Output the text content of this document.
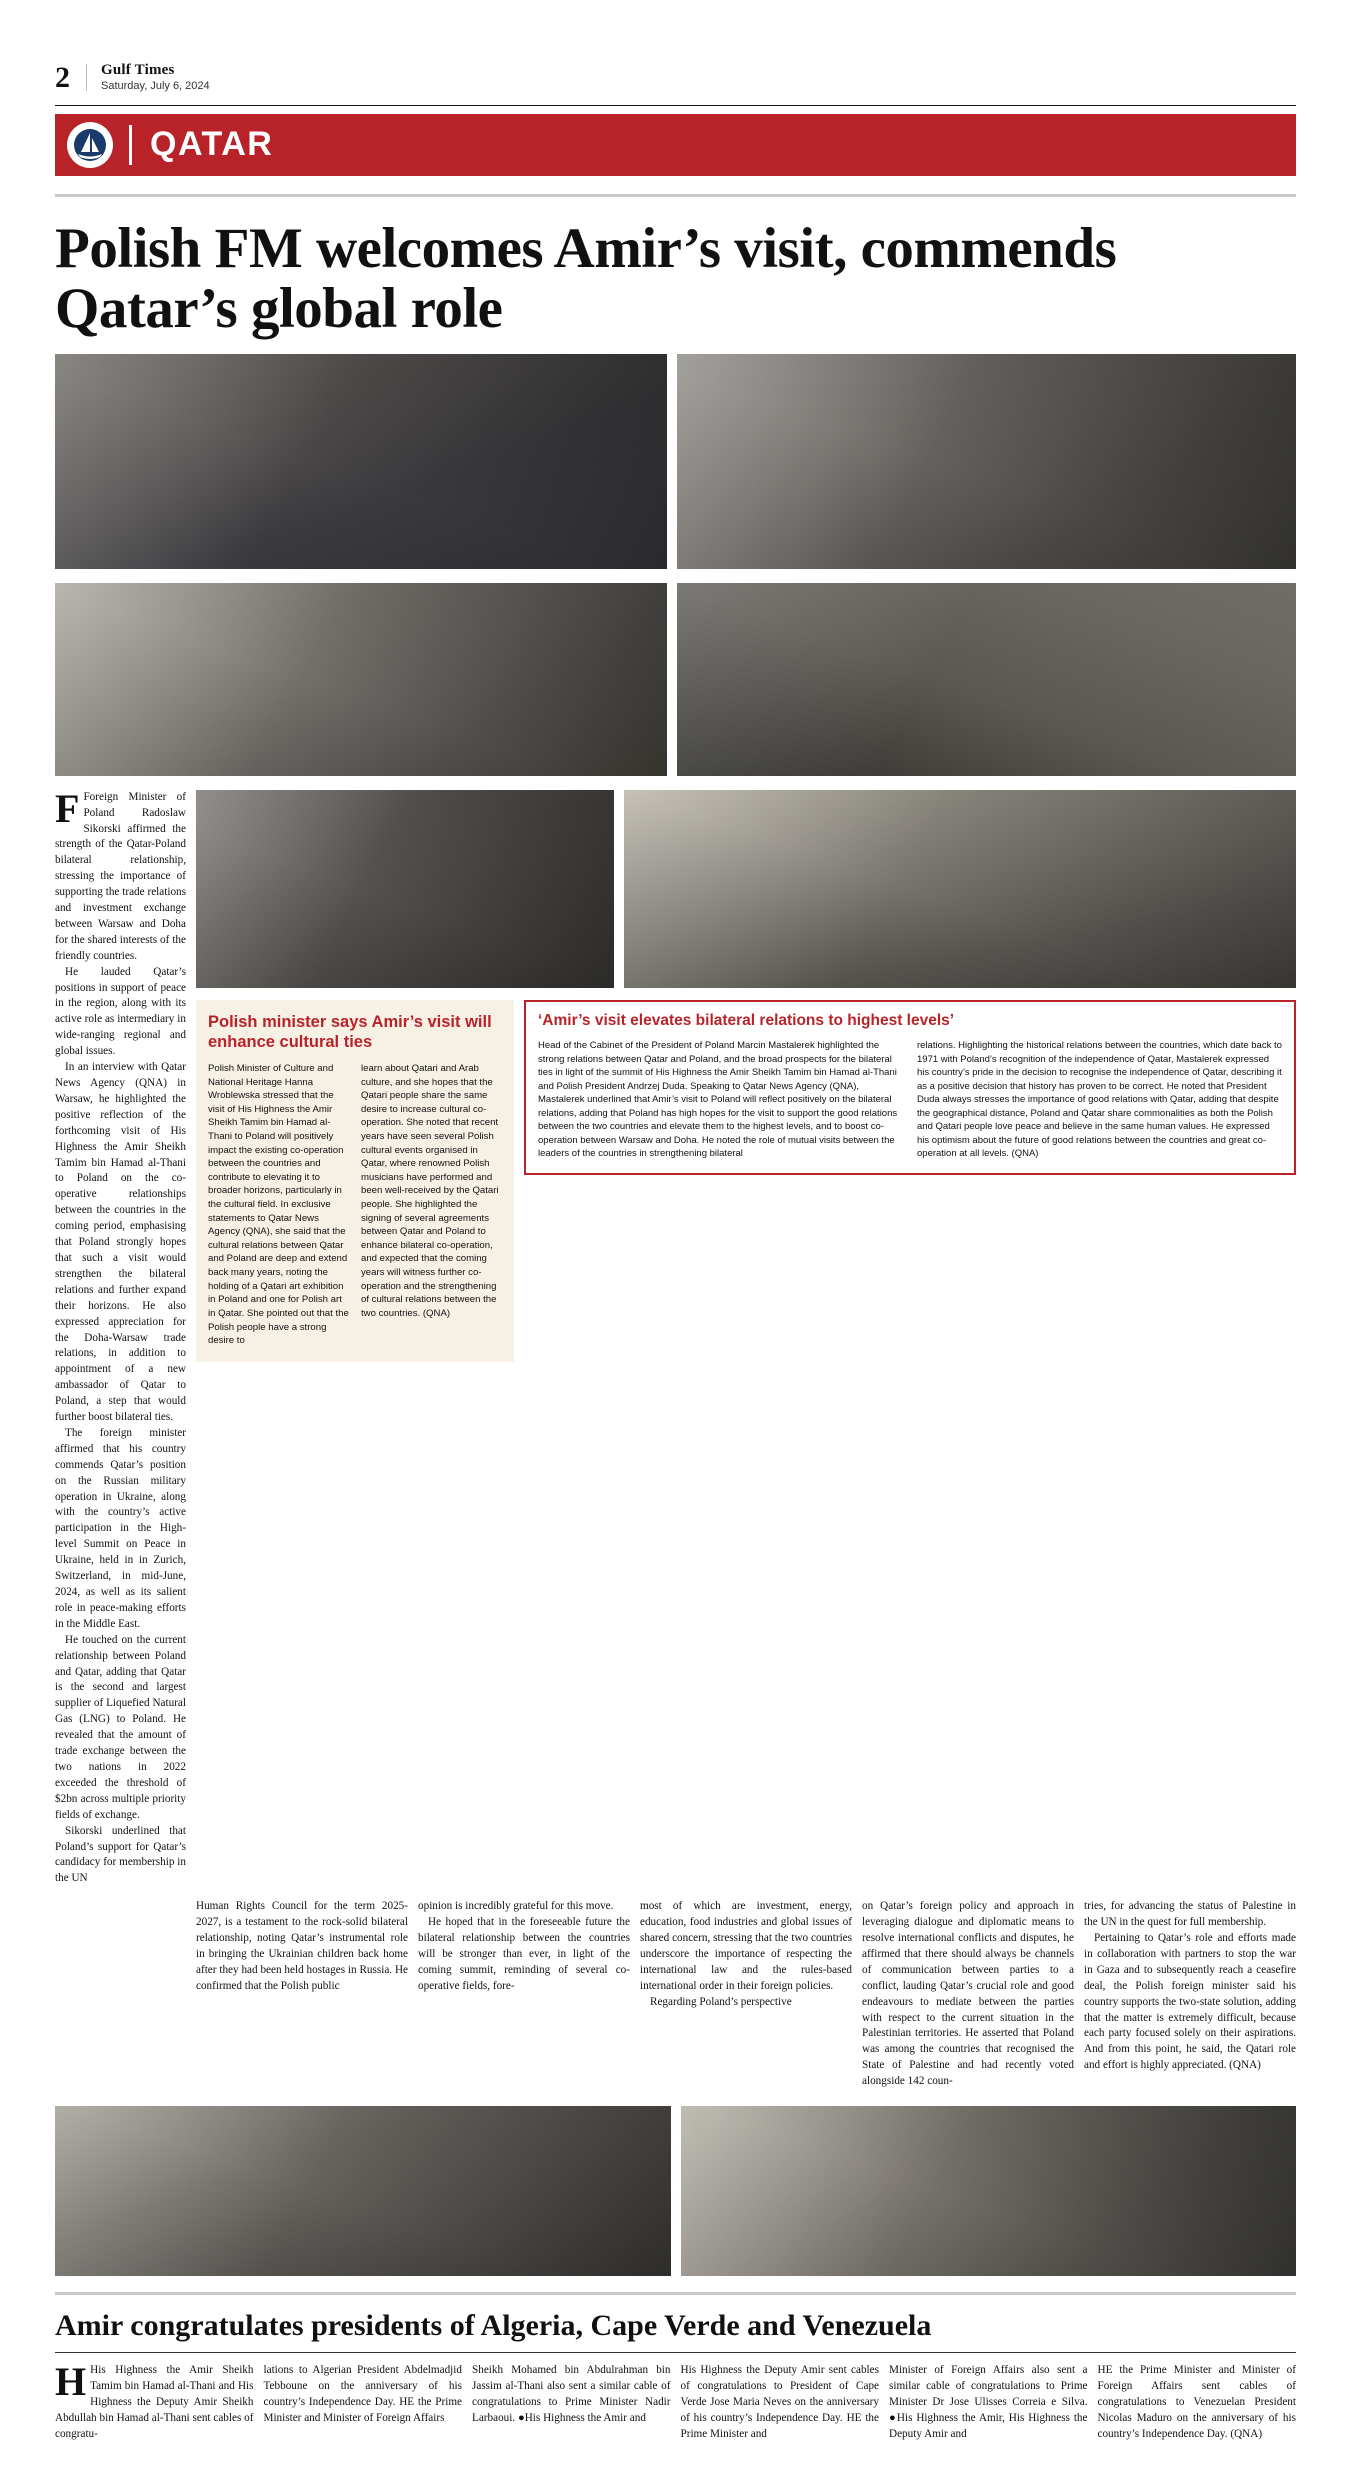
2 Gulf Times
Saturday, July 6, 2024
QATAR
Polish FM welcomes Amir’s visit, commends Qatar’s global role

F Foreign Minister of Poland Radoslaw Sikorski affirmed the strength of the Qatar-Poland bilateral relationship, stressing the importance of supporting the trade relations and investment exchange between Warsaw and Doha for the shared interests of the friendly countries.

He lauded Qatar’s positions in support of peace in the region, along with its active role as intermediary in wide-ranging regional and global issues.

In an interview with Qatar News Agency (QNA) in Warsaw, he highlighted the positive reflection of the forthcoming visit of His Highness the Amir Sheikh Tamim bin Hamad al-Thani to Poland on the co-operative relationships between the countries in the coming period, emphasising that Poland strongly hopes that such a visit would strengthen the bilateral relations and further expand their horizons. He also expressed appreciation for the Doha-Warsaw trade relations, in addition to appointment of a new ambassador of Qatar to Poland, a step that would further boost bilateral ties.

The foreign minister affirmed that his country commends Qatar’s position on the Russian military operation in Ukraine, along with the country’s active participation in the High-level Summit on Peace in Ukraine, held in in Zurich, Switzerland, in mid-June, 2024, as well as its salient role in peace-making efforts in the Middle East.

He touched on the current relationship between Poland and Qatar, adding that Qatar is the second and largest supplier of Liquefied Natural Gas (LNG) to Poland. He revealed that the amount of trade exchange between the two nations in 2022 exceeded the threshold of $2bn across multiple priority fields of exchange.

Sikorski underlined that Poland’s support for Qatar’s candidacy for membership in the UN

Polish minister says Amir’s visit will enhance cultural ties

Polish Minister of Culture and National Heritage Hanna Wroblewska stressed that the visit of His Highness the Amir Sheikh Tamim bin Hamad al-Thani to Poland will positively impact the existing co-operation between the countries and contribute to elevating it to broader horizons, particularly in the cultural field. In exclusive statements to Qatar News Agency (QNA), she said that the cultural relations between Qatar and Poland are deep and extend back many years, noting the holding of a Qatari art exhibition in Poland and one for Polish art in Qatar. She pointed out that the Polish people have a strong desire to

learn about Qatari and Arab culture, and she hopes that the Qatari people share the same desire to increase cultural co-operation. She noted that recent years have seen several Polish cultural events organised in Qatar, where renowned Polish musicians have performed and been well-received by the Qatari people. She highlighted the signing of several agreements between Qatar and Poland to enhance bilateral co-operation, and expected that the coming years will witness further co-operation and the strengthening of cultural relations between the two countries. (QNA)

‘Amir’s visit elevates bilateral relations to highest levels’

Head of the Cabinet of the President of Poland Marcin Mastalerek highlighted the strong relations between Qatar and Poland, and the broad prospects for the bilateral ties in light of the summit of His Highness the Amir Sheikh Tamim bin Hamad al-Thani and Polish President Andrzej Duda. Speaking to Qatar News Agency (QNA), Mastalerek underlined that Amir’s visit to Poland will reflect positively on the bilateral relations, adding that Poland has high hopes for the visit to support the good relations between the two countries and elevate them to the highest levels, and to boost co-operation between Warsaw and Doha. He noted the role of mutual visits between the leaders of the countries in strengthening bilateral

relations. Highlighting the historical relations between the countries, which date back to 1971 with Poland’s recognition of the independence of Qatar, Mastalerek expressed his country’s pride in the decision to recognise the independence of Qatar, describing it as a positive decision that history has proven to be correct. He noted that President Duda always stresses the importance of good relations with Qatar, adding that despite the geographical distance, Poland and Qatar share commonalities as both the Polish and Qatari people love peace and believe in the same human values. He expressed his optimism about the future of good relations between the countries and great co-operation at all levels. (QNA)

Human Rights Council for the term 2025-2027, is a testament to the rock-solid bilateral relationship, noting Qatar’s instrumental role in bringing the Ukrainian children back home after they had been held hostages in Russia. He confirmed that the Polish public

opinion is incredibly grateful for this move.

He hoped that in the foreseeable future the bilateral relationship between the countries will be stronger than ever, in light of the coming summit, reminding of several co-operative fields, fore-

most of which are investment, energy, education, food industries and global issues of shared concern, stressing that the two countries underscore the importance of respecting the international law and the rules-based international order in their foreign policies.

Regarding Poland’s perspective

on Qatar’s foreign policy and approach in leveraging dialogue and diplomatic means to resolve international conflicts and disputes, he affirmed that there should always be channels of communication between parties to a conflict, lauding Qatar’s crucial role and good endeavours to mediate between the parties with respect to the current situation in the Palestinian territories. He asserted that Poland was among the countries that recognised the State of Palestine and had recently voted alongside 142 coun-

tries, for advancing the status of Palestine in the UN in the quest for full membership.

Pertaining to Qatar’s role and efforts made in collaboration with partners to stop the war in Gaza and to subsequently reach a ceasefire deal, the Polish foreign minister said his country supports the two-state solution, adding that the matter is extremely difficult, because each party focused solely on their aspirations. And from this point, he said, the Qatari role and effort is highly appreciated. (QNA)

Amir congratulates presidents of Algeria, Cape Verde and Venezuela

H His Highness the Amir Sheikh Tamim bin Hamad al-Thani and His Highness the Deputy Amir Sheikh Abdullah bin Hamad al-Thani sent cables of congratu-

lations to Algerian President Abdelmadjid Tebboune on the anniversary of his country’s Independence Day. HE the Prime Minister and Minister of Foreign Affairs

Sheikh Mohamed bin Abdulrahman bin Jassim al-Thani also sent a similar cable of congratulations to Prime Minister Nadir Larbaoui. ●His Highness the Amir and

His Highness the Deputy Amir sent cables of congratulations to President of Cape Verde Jose Maria Neves on the anniversary of his country’s Independence Day. HE the Prime Minister and

Minister of Foreign Affairs also sent a similar cable of congratulations to Prime Minister Dr Jose Ulisses Correia e Silva. ●His Highness the Amir, His Highness the Deputy Amir and

HE the Prime Minister and Minister of Foreign Affairs sent cables of congratulations to Venezuelan President Nicolas Maduro on the anniversary of his country’s Independence Day. (QNA)
